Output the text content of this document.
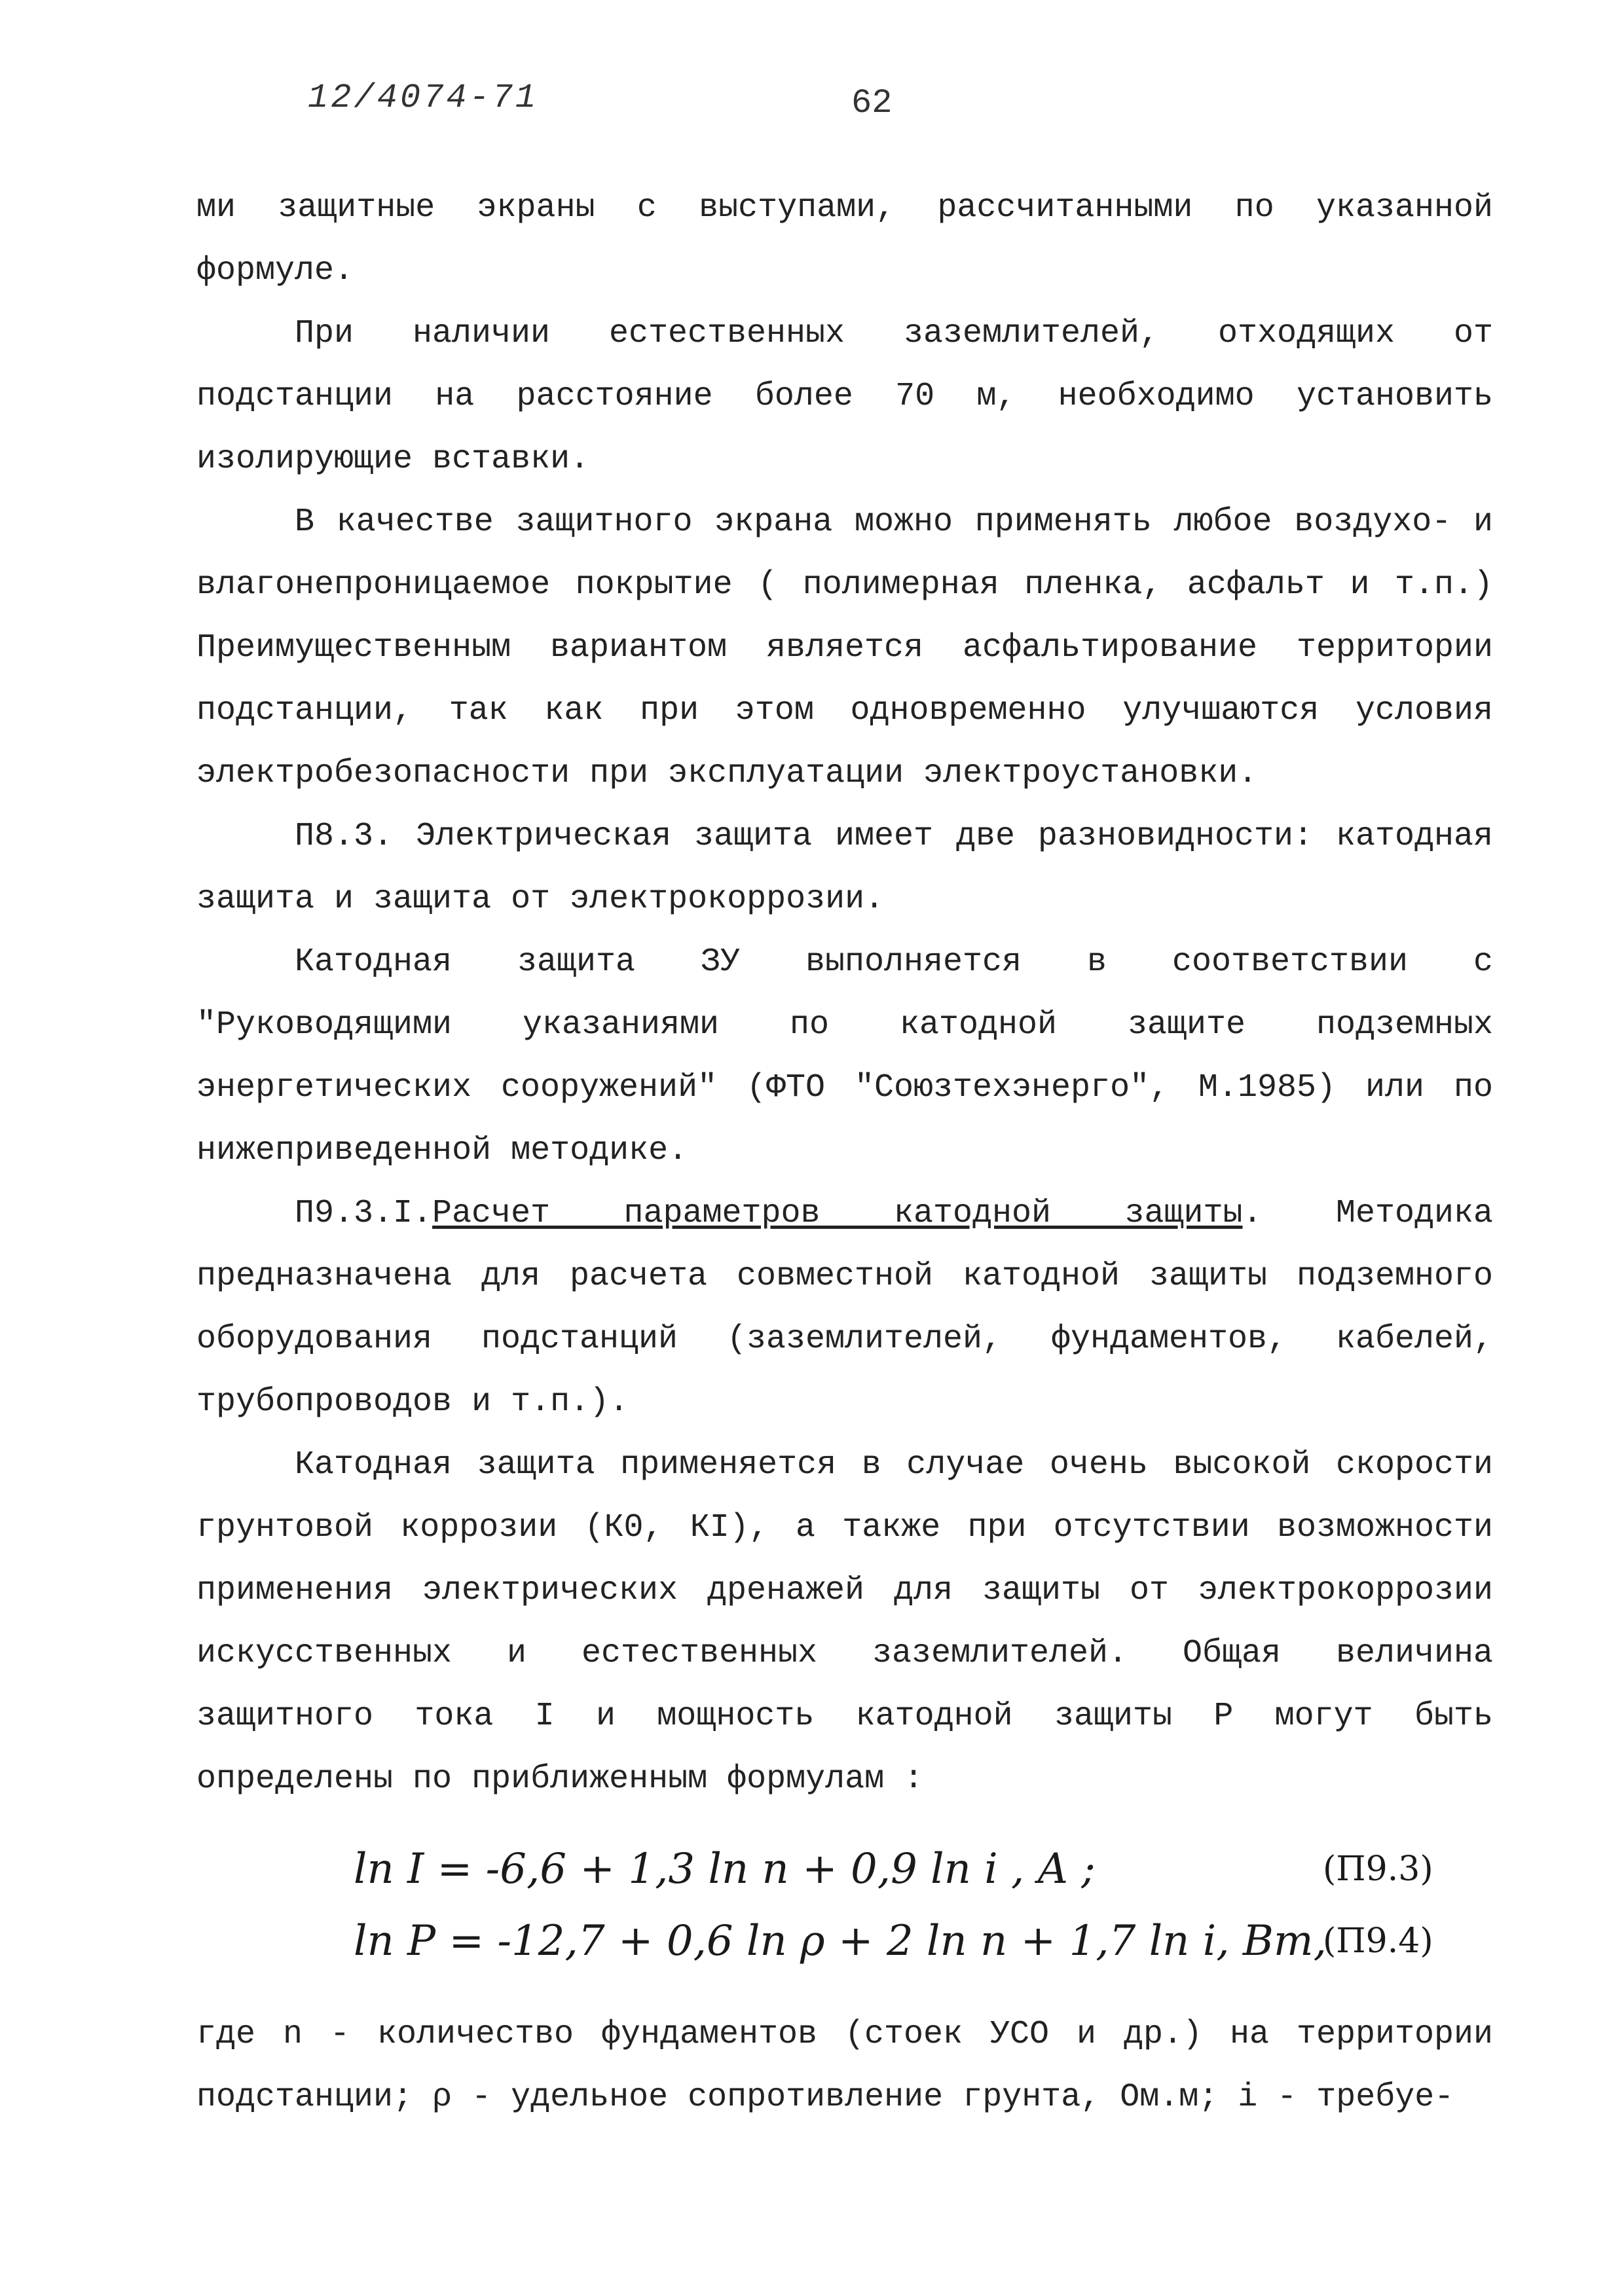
12/4074-71	62

ми защитные экраны с выступами, рассчитанными по указанной формуле.

При наличии естественных заземлителей, отходящих от подстанции на расстояние более 70 м, необходимо установить изолирующие вставки.

В качестве защитного экрана можно применять любое воздухо- и влагонепроницаемое покрытие ( полимерная пленка, асфальт и т.п.) Преимущественным вариантом является асфальтирование территории подстанции, так как при этом одновременно улучшаются условия электробезопасности при эксплуатации электроустановки.

П8.3. Электрическая защита имеет две разновидности: катодная защита и защита от электрокоррозии.

Катодная защита ЗУ выполняется в соответствии с "Руководящими указаниями по катодной защите подземных энергетических сооружений" (ФТО "Союзтехэнерго", М.1985) или по нижеприведенной методике.

П9.3.I.Расчет параметров катодной защиты. Методика предназначена для расчета совместной катодной защиты подземного оборудования подстанций (заземлителей, фундаментов, кабелей, трубопроводов и т.п.).

Катодная защита применяется в случае очень высокой скорости грунтовой коррозии (К0, КI), а также при отсутствии возможности применения электрических дренажей для защиты от электрокоррозии искусственных и естественных заземлителей. Общая величина защитного тока I и мощность катодной защиты P могут быть определены по приближенным формулам :

ln I = -6,6 + 1,3 ln n + 0,9 ln i , A ;	(П9.3)
ln P = -12,7 + 0,6 ln ρ + 2 ln n + 1,7 ln i, Вт,
(П9.4)

где n - количество фундаментов (стоек УСО и др.) на территории подстанции; ρ - удельное сопротивление грунта, Ом.м; i - требуе-
